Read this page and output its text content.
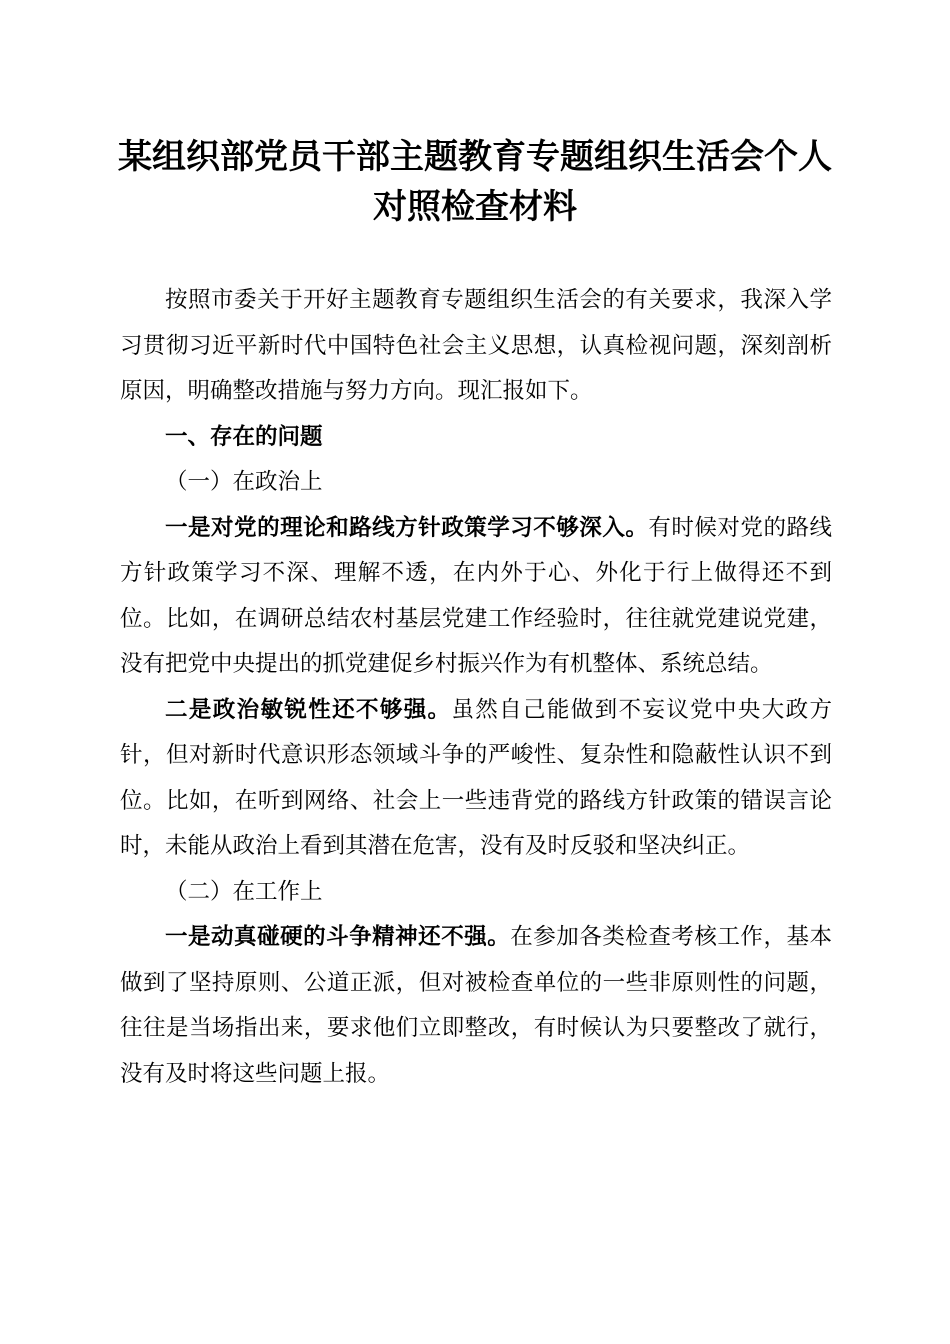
某组织部党员干部主题教育专题组织生活会个人对照检查材料

按照市委关于开好主题教育专题组织生活会的有关要求，我深入学习贯彻习近平新时代中国特色社会主义思想，认真检视问题，深刻剖析原因，明确整改措施与努力方向。现汇报如下。

一、存在的问题

（一）在政治上

一是对党的理论和路线方针政策学习不够深入。有时候对党的路线方针政策学习不深、理解不透，在内外于心、外化于行上做得还不到位。比如，在调研总结农村基层党建工作经验时，往往就党建说党建，没有把党中央提出的抓党建促乡村振兴作为有机整体、系统总结。

二是政治敏锐性还不够强。虽然自己能做到不妄议党中央大政方针，但对新时代意识形态领域斗争的严峻性、复杂性和隐蔽性认识不到位。比如，在听到网络、社会上一些违背党的路线方针政策的错误言论时，未能从政治上看到其潜在危害，没有及时反驳和坚决纠正。

（二）在工作上

一是动真碰硬的斗争精神还不强。在参加各类检查考核工作，基本做到了坚持原则、公道正派，但对被检查单位的一些非原则性的问题，往往是当场指出来，要求他们立即整改，有时候认为只要整改了就行，没有及时将这些问题上报。
